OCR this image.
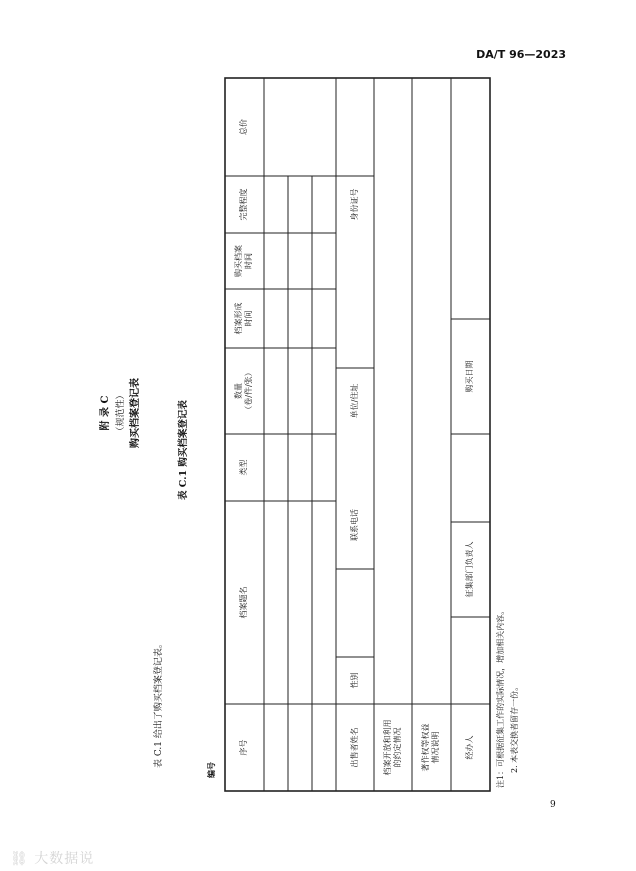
DA/T 96—2023
附 录 C （规范性） 购买档案登记表
表 C.1 给出了购买档案登记表。
表 C.1 购买档案登记表
编号
序号
档案题名
类型
数量
（卷/件/张）
档案形成
时间
购买档案
时间
完整程度
总价
出售者姓名
性别
联系电话
单位/住址
身份证号
档案开放和利用
的约定情况 著作权等权益
情况说明	经办人
征集部门负责人
购买日期
注1：可根据征集工作的实际情况，增加相关内容。 2. 本表交换者留存一份。
9
⛓ 大数据说
